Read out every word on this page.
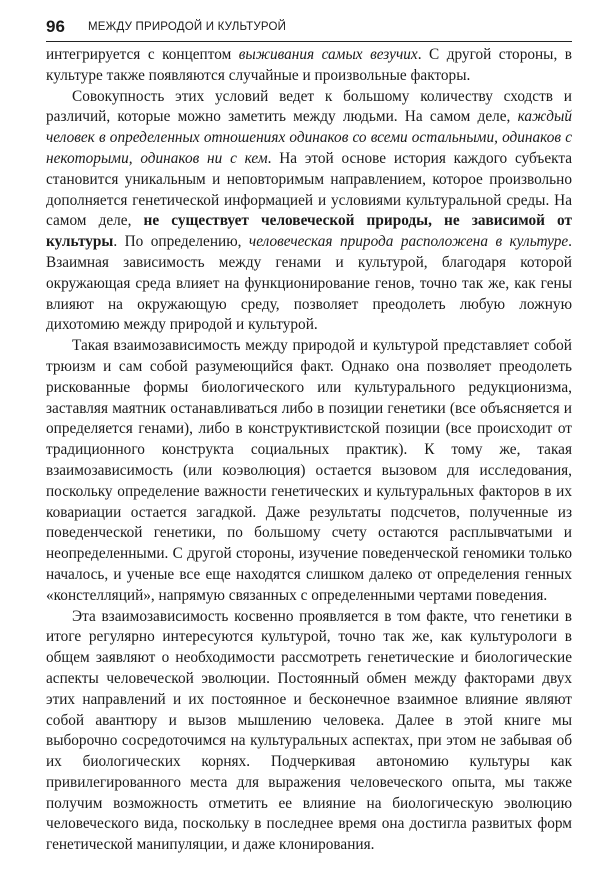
96 МЕЖДУ ПРИРОДОЙ И КУЛЬТУРОЙ

интегрируется с концептом выживания самых везучих. С другой стороны, в культуре также появляются случайные и произвольные факторы.

Совокупность этих условий ведет к большому количеству сходств и различий, которые можно заметить между людьми. На самом деле, каждый человек в определенных отношениях одинаков со всеми остальными, одинаков с некоторыми, одинаков ни с кем. На этой основе история каждого субъекта становится уникальным и неповторимым направлением, которое произвольно дополняется генетической информацией и условиями культуральной среды. На самом деле, не существует человеческой природы, не зависимой от культуры. По определению, человеческая природа расположена в культуре. Взаимная зависимость между генами и культурой, благодаря которой окружающая среда влияет на функционирование генов, точно так же, как гены влияют на окружающую среду, позволяет преодолеть любую ложную дихотомию между природой и культурой.

Такая взаимозависимость между природой и культурой представляет собой трюизм и сам собой разумеющийся факт. Однако она позволяет преодолеть рискованные формы биологического или культурального редукционизма, заставляя маятник останавливаться либо в позиции генетики (все объясняется и определяется генами), либо в конструктивистской позиции (все происходит от традиционного конструкта социальных практик). К тому же, такая взаимозависимость (или коэволюция) остается вызовом для исследования, поскольку определение важности генетических и культуральных факторов в их ковариации остается загадкой. Даже результаты подсчетов, полученные из поведенческой генетики, по большому счету остаются расплывчатыми и неопределенными. С другой стороны, изучение поведенческой геномики только началось, и ученые все еще находятся слишком далеко от определения генных «констелляций», напрямую связанных с определенными чертами поведения.

Эта взаимозависимость косвенно проявляется в том факте, что генетики в итоге регулярно интересуются культурой, точно так же, как культурологи в общем заявляют о необходимости рассмотреть генетические и биологические аспекты человеческой эволюции. Постоянный обмен между факторами двух этих направлений и их постоянное и бесконечное взаимное влияние являют собой авантюру и вызов мышлению человека. Далее в этой книге мы выборочно сосредоточимся на культуральных аспектах, при этом не забывая об их биологических корнях. Подчеркивая автономию культуры как привилегированного места для выражения человеческого опыта, мы также получим возможность отметить ее влияние на биологическую эволюцию человеческого вида, поскольку в последнее время она достигла развитых форм генетической манипуляции, и даже клонирования.
